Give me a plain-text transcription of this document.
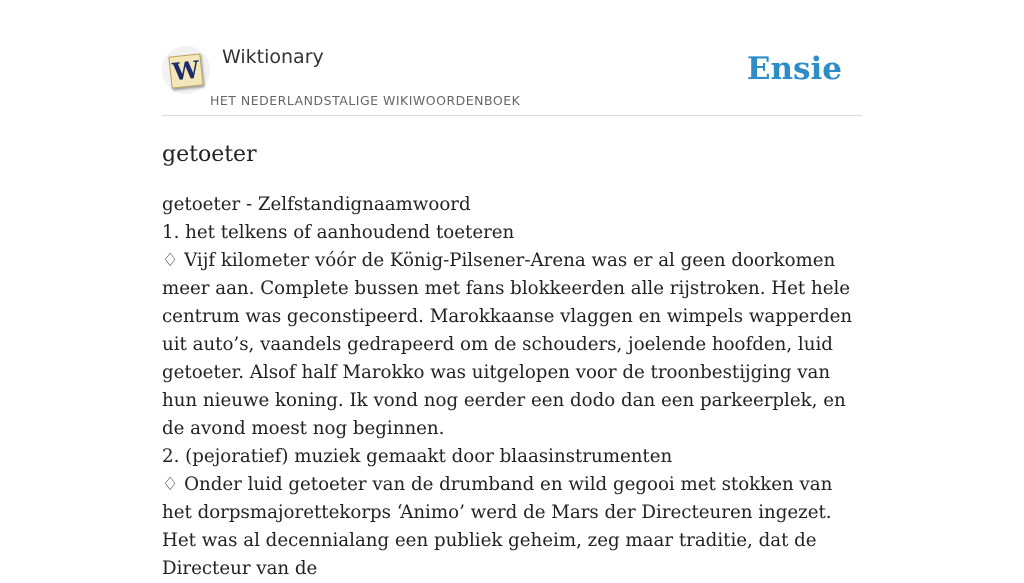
W Wiktionary
HET NEDERLANDSTALIGE WIKIWOORDENBOEK
Ensie
getoeter

getoeter - Zelfstandignaamwoord

1. het telkens of aanhoudend toeteren

♢ Vijf kilometer vóór de König-Pilsener-Arena was er al geen doorkomen meer aan. Complete bussen met fans blokkeerden alle rijstroken. Het hele centrum was geconstipeerd. Marokkaanse vlaggen en wimpels wapperden uit auto’s, vaandels gedrapeerd om de schouders, joelende hoofden, luid getoeter. Alsof half Marokko was uitgelopen voor de troonbestijging van hun nieuwe koning. Ik vond nog eerder een dodo dan een parkeerplek, en de avond moest nog beginnen.

2. (pejoratief) muziek gemaakt door blaasinstrumenten

♢ Onder luid getoeter van de drumband en wild gegooi met stokken van het dorpsmajorettekorps ‘Animo’ werd de Mars der Directeuren ingezet. Het was al decennialang een publiek geheim, zeg maar traditie, dat de Directeur van de
